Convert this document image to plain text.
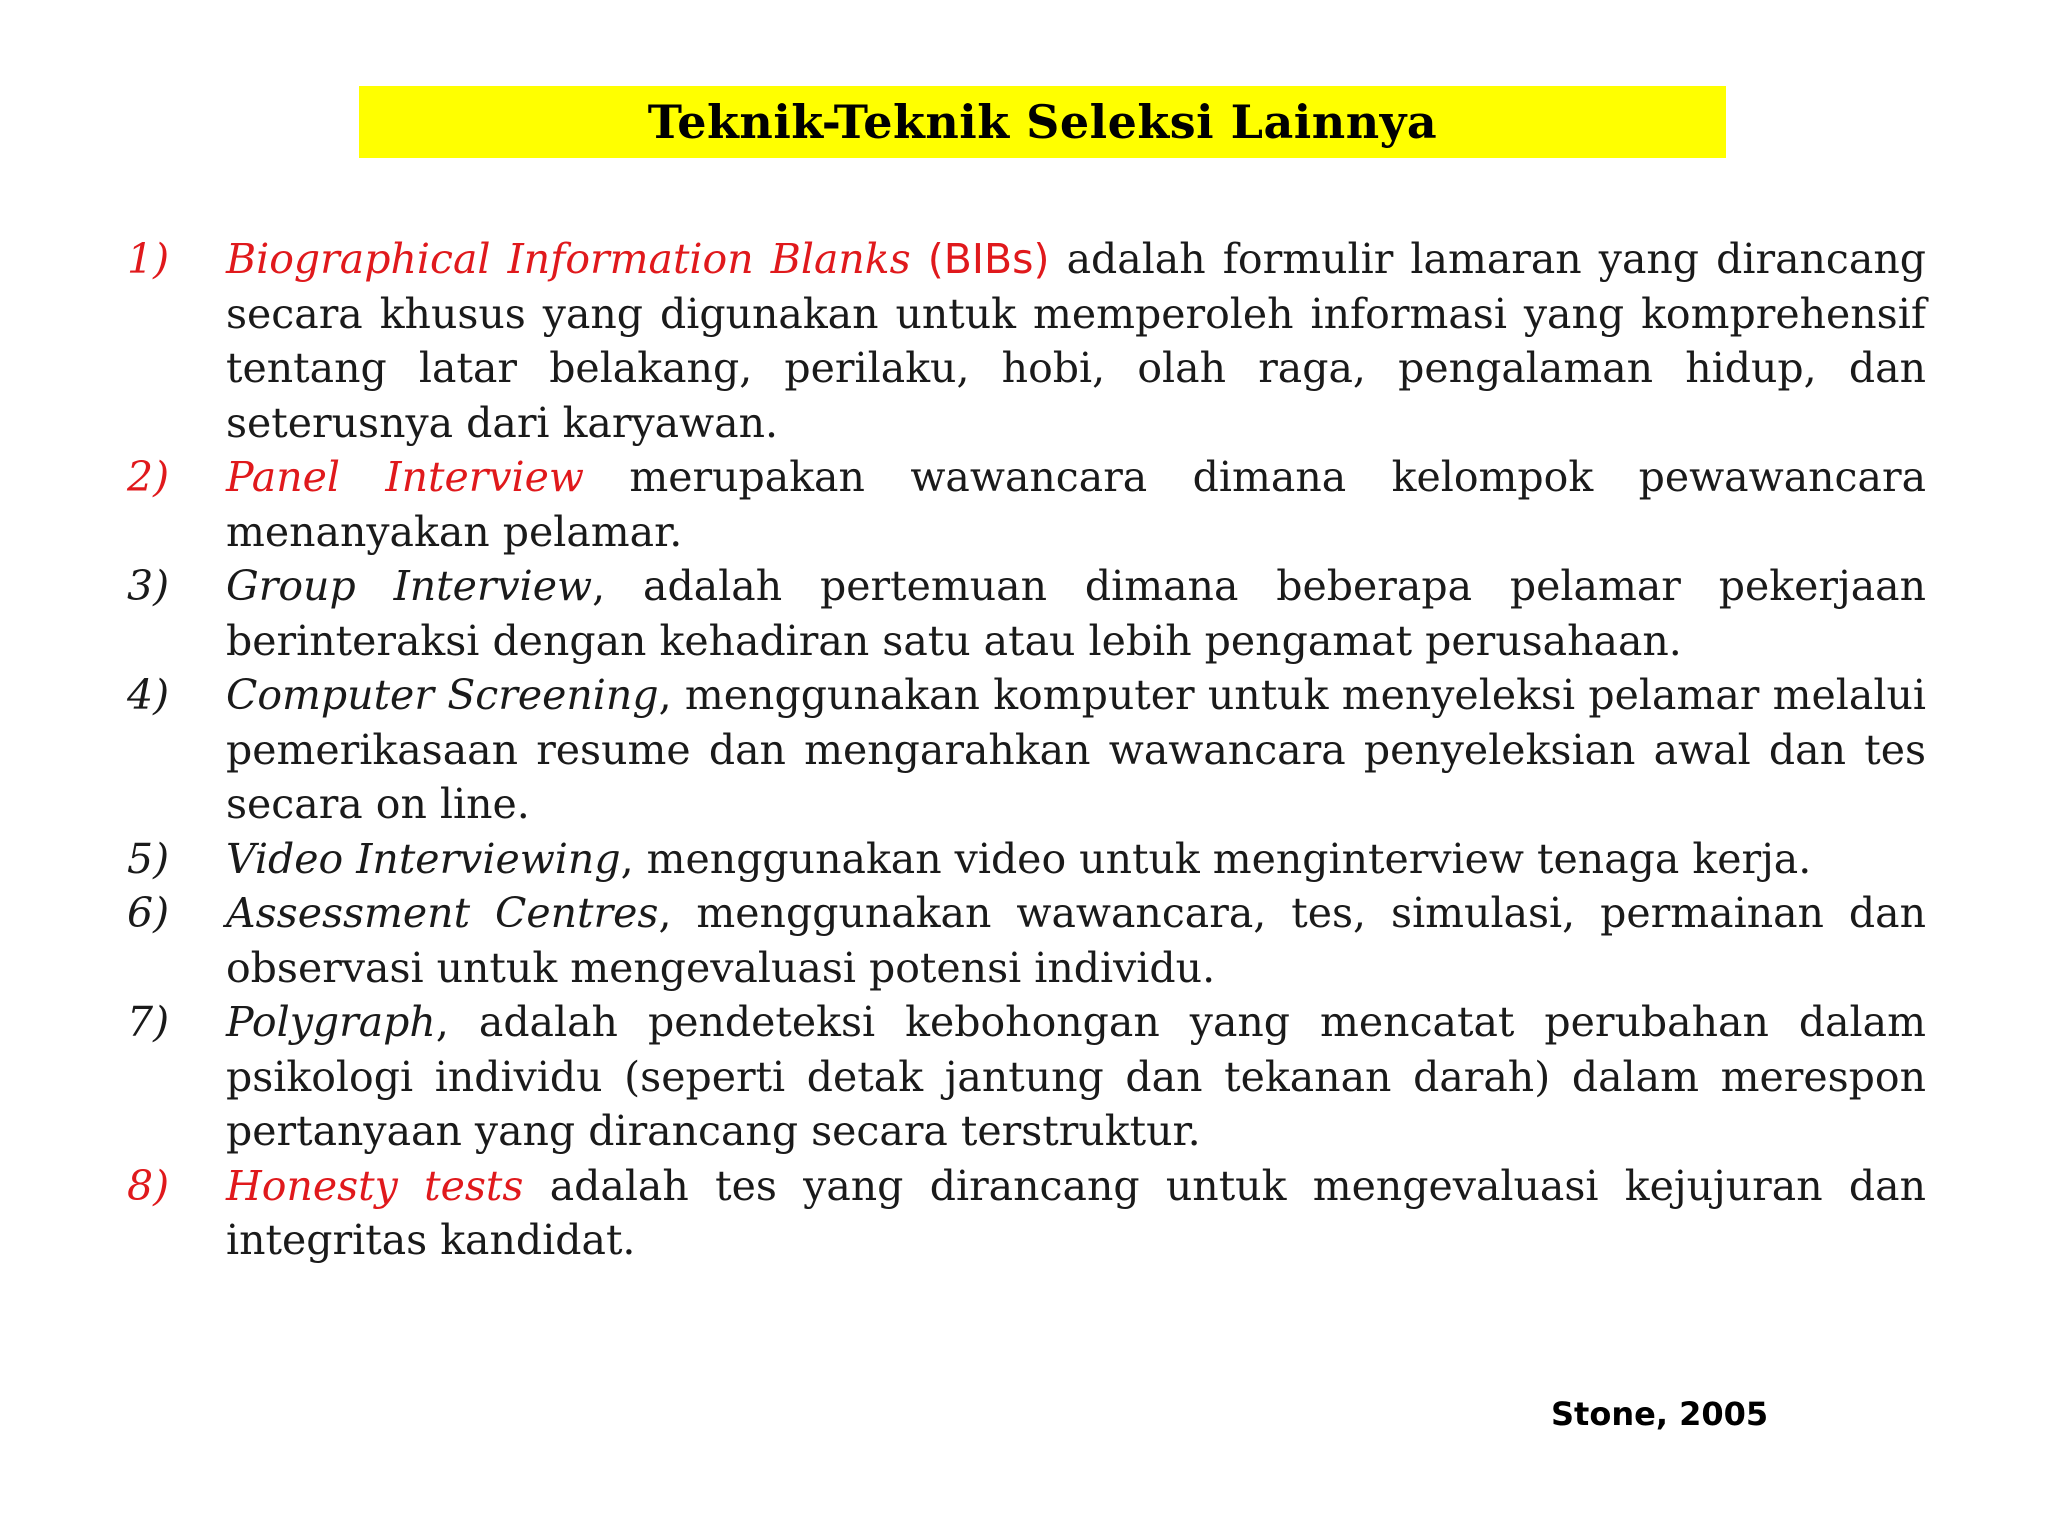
Teknik-Teknik Seleksi Lainnya
1) Biographical Information Blanks (BIBs) adalah formulir lamaran yang dirancang secara khusus yang digunakan untuk memperoleh informasi yang komprehensif tentang latar belakang, perilaku, hobi, olah raga, pengalaman hidup, dan seterusnya dari karyawan.
2) Panel Interview merupakan wawancara dimana kelompok pewawancara menanyakan pelamar.
3) Group Interview, adalah pertemuan dimana beberapa pelamar pekerjaan berinteraksi dengan kehadiran satu atau lebih pengamat perusahaan.
4) Computer Screening, menggunakan komputer untuk menyeleksi pelamar melalui pemerikasaan resume dan mengarahkan wawancara penyeleksian awal dan tes secara on line.
5) Video Interviewing, menggunakan video untuk menginterview tenaga kerja.
6) Assessment Centres, menggunakan wawancara, tes, simulasi, permainan dan observasi untuk mengevaluasi potensi individu.
7) Polygraph, adalah pendeteksi kebohongan yang mencatat perubahan dalam psikologi individu (seperti detak jantung dan tekanan darah) dalam merespon pertanyaan yang dirancang secara terstruktur.
8) Honesty tests adalah tes yang dirancang untuk mengevaluasi kejujuran dan integritas kandidat.
Stone, 2005
